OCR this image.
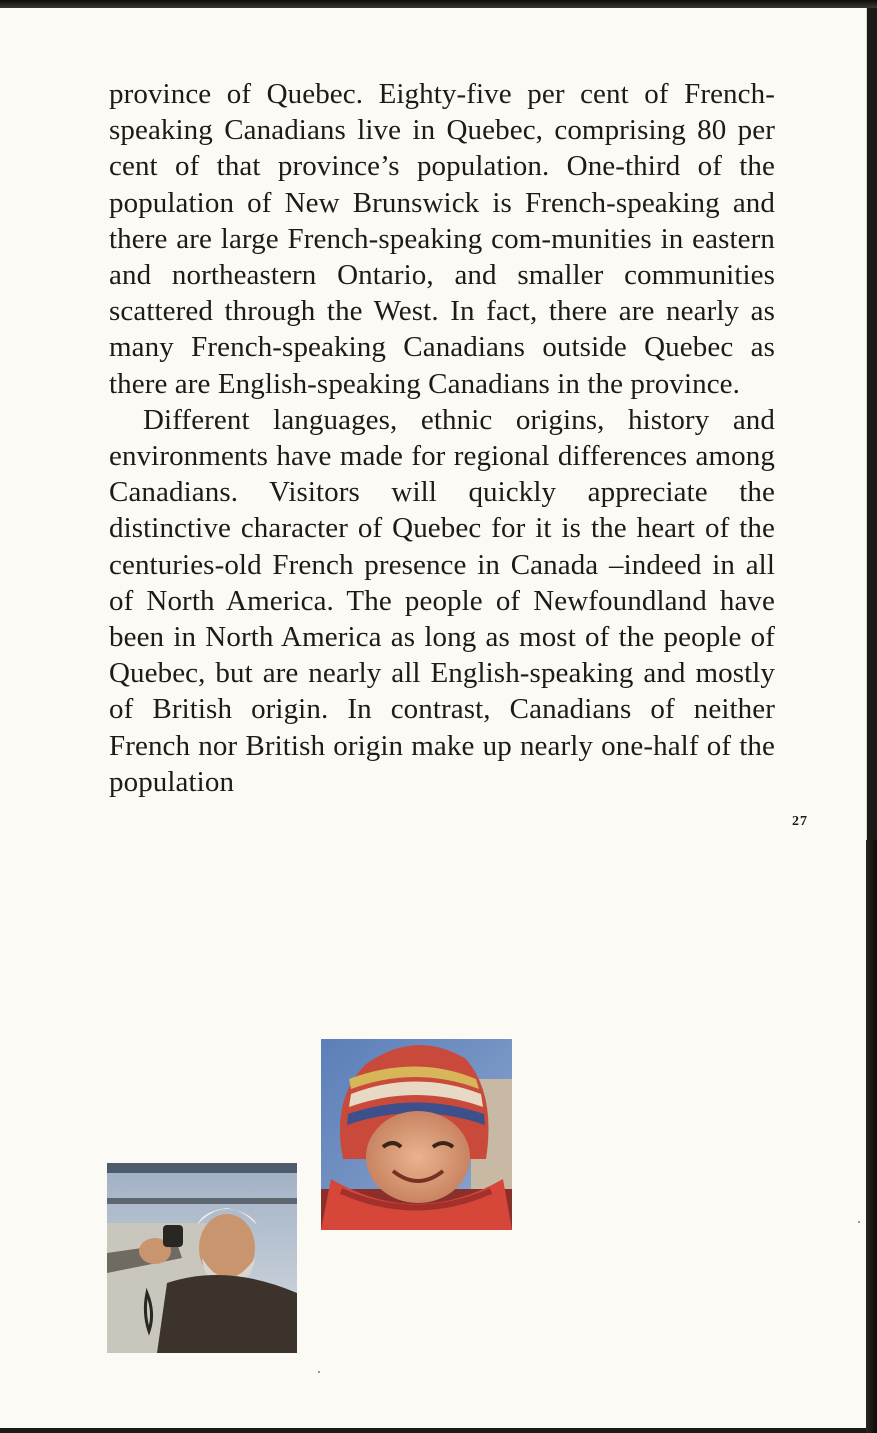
province of Quebec. Eighty-five per cent of French-speaking Canadians live in Quebec, comprising 80 per cent of that province’s population. One-third of the population of New Brunswick is French-speaking and there are large French-speaking com-munities in eastern and northeastern Ontario, and smaller communities scattered through the West. In fact, there are nearly as many French-speaking Canadians outside Quebec as there are English-speaking Canadians in the province.

Different languages, ethnic origins, history and environments have made for regional differences among Canadians. Visitors will quickly appreciate the distinctive character of Quebec for it is the heart of the centuries-old French presence in Canada –indeed in all of North America. The people of Newfoundland have been in North America as long as most of the people of Quebec, but are nearly all English-speaking and mostly of British origin. In contrast, Canadians of neither French nor British origin make up nearly one-half of the population

27
